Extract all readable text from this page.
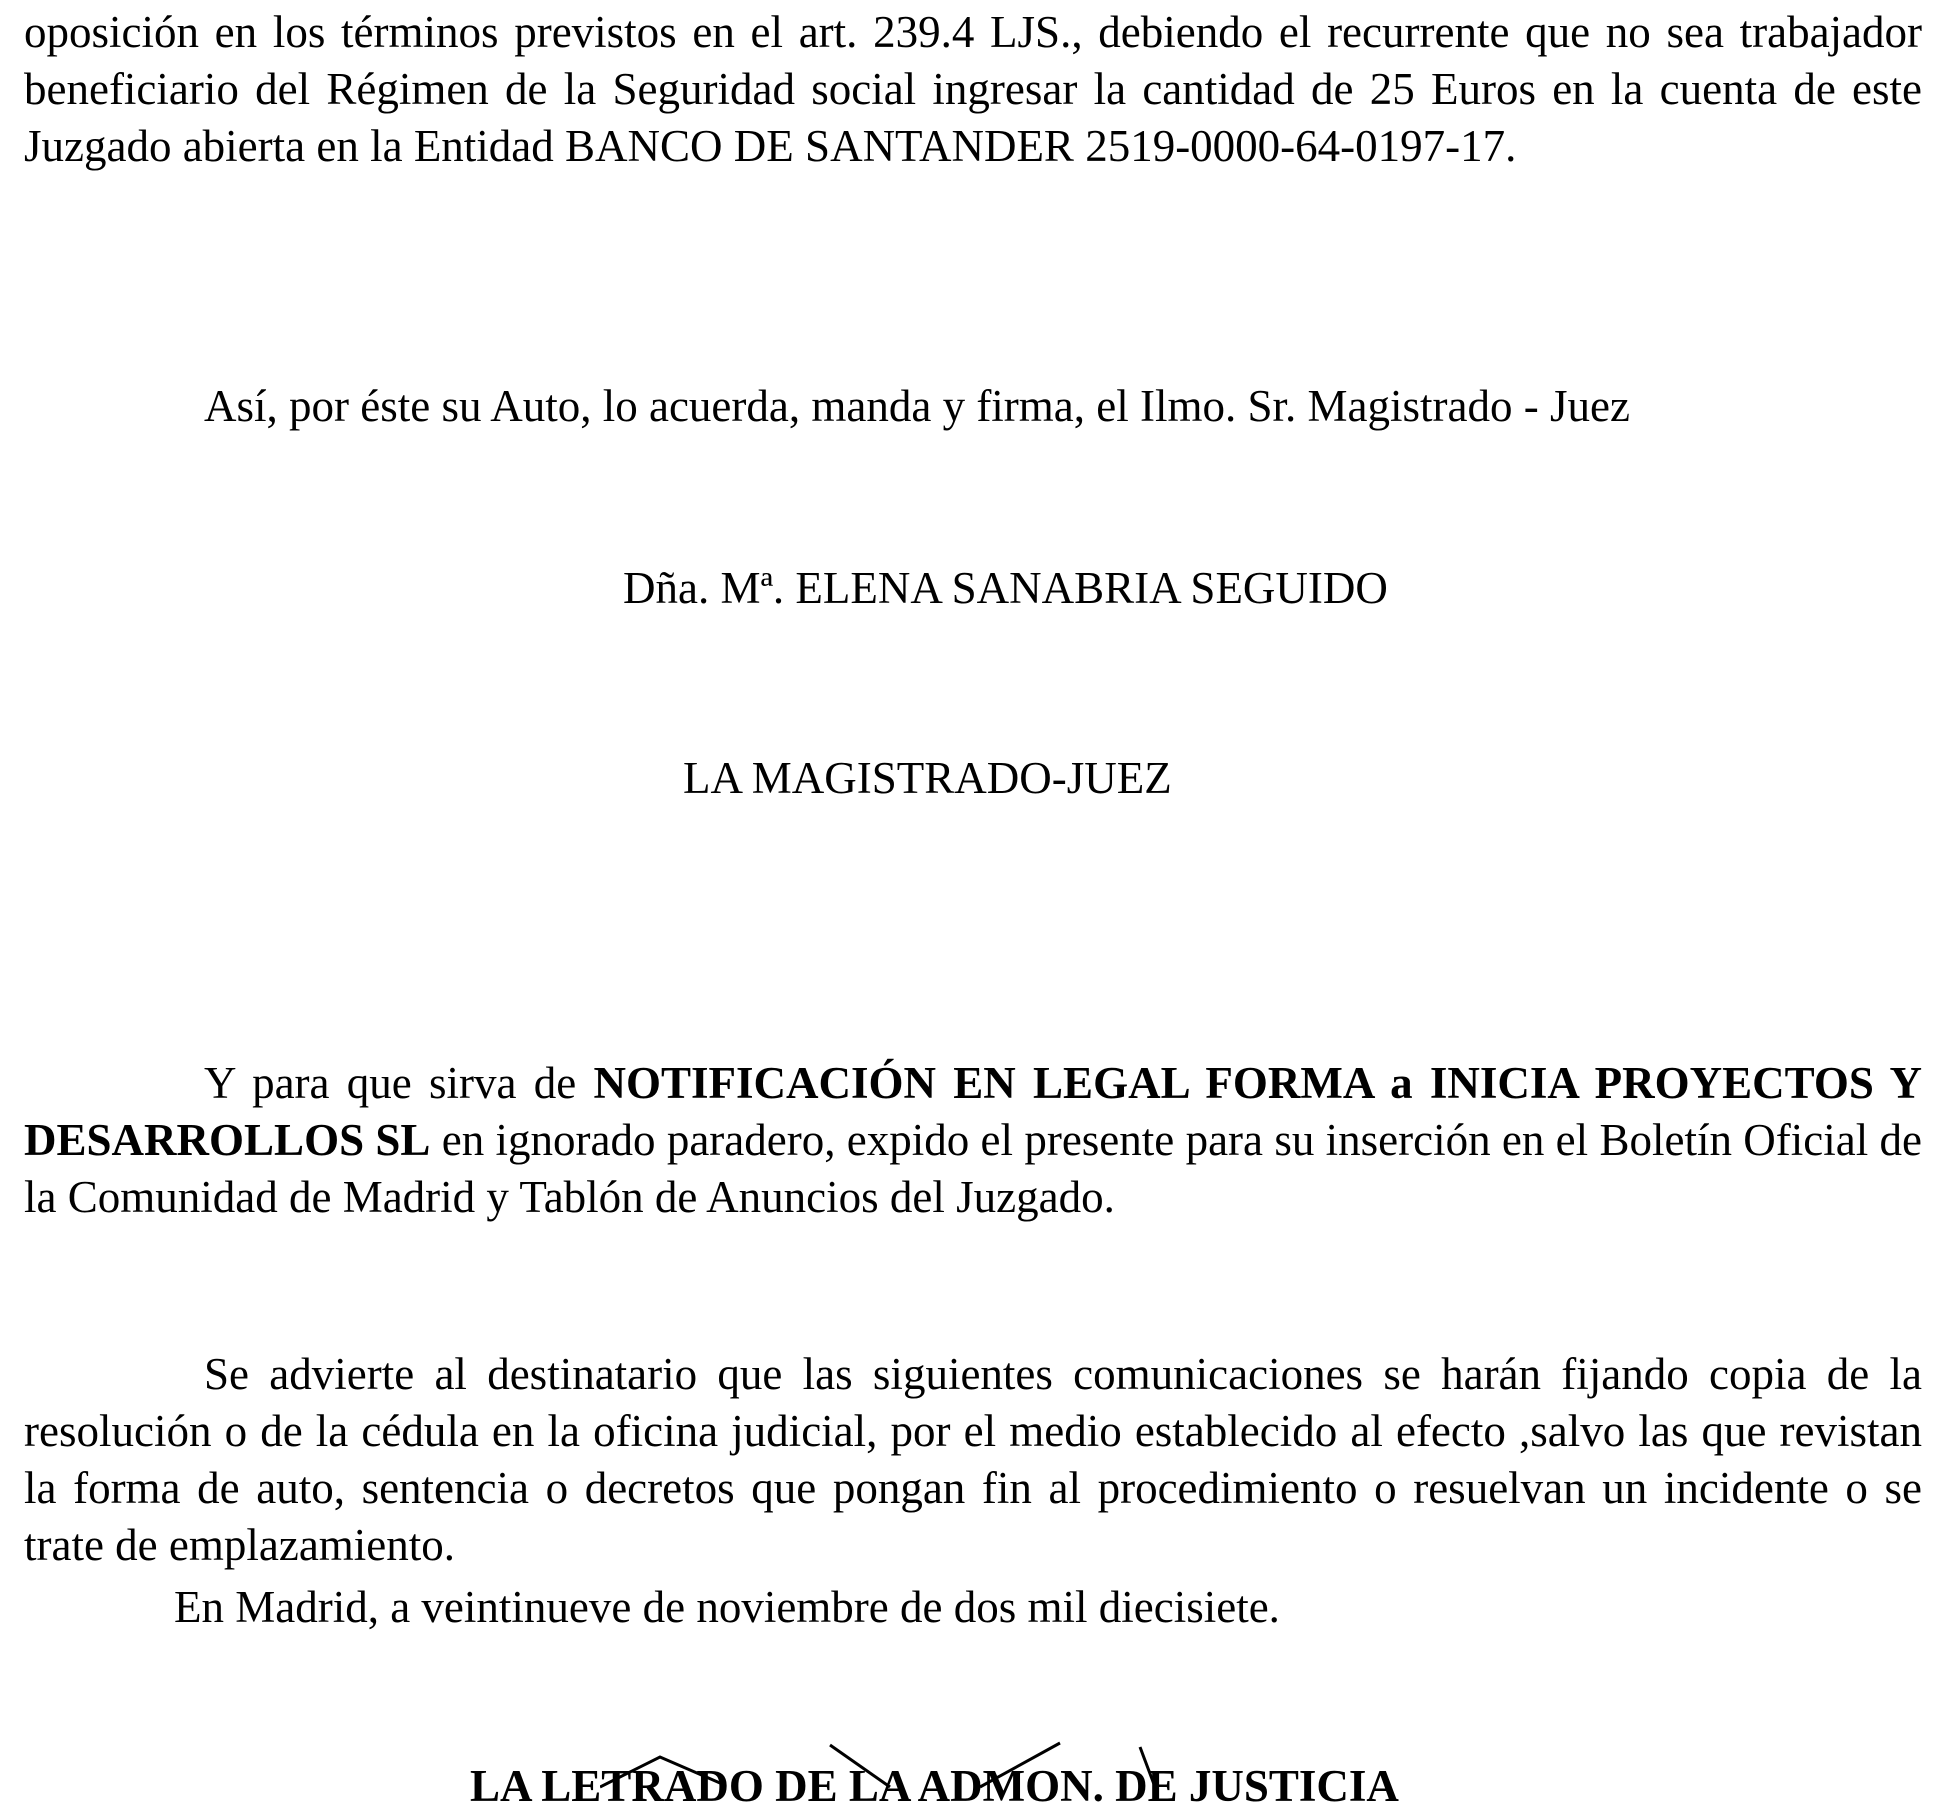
oposición en los términos previstos en el art. 239.4 LJS., debiendo el recurrente que no sea trabajador beneficiario del Régimen de la Seguridad social ingresar la cantidad de 25 Euros en la cuenta de este Juzgado abierta en la Entidad BANCO DE SANTANDER 2519-0000-64-0197-17.

Así, por éste su Auto, lo acuerda, manda y firma, el Ilmo. Sr. Magistrado - Juez

Dña. Mª. ELENA SANABRIA SEGUIDO

LA MAGISTRADO-JUEZ

Y para que sirva de NOTIFICACIÓN EN LEGAL FORMA a INICIA PROYECTOS Y DESARROLLOS SL en ignorado paradero, expido el presente para su inserción en el Boletín Oficial de la Comunidad de Madrid y Tablón de Anuncios del Juzgado.

Se advierte al destinatario que las siguientes comunicaciones se harán fijando copia de la resolución o de la cédula en la oficina judicial, por el medio establecido al efecto ,salvo las que revistan la forma de auto, sentencia o decretos que pongan fin al procedimiento o resuelvan un incidente o se trate de emplazamiento.

En Madrid, a veintinueve de noviembre de dos mil diecisiete.

LA LETRADO DE LA ADMON. DE JUSTICIA
